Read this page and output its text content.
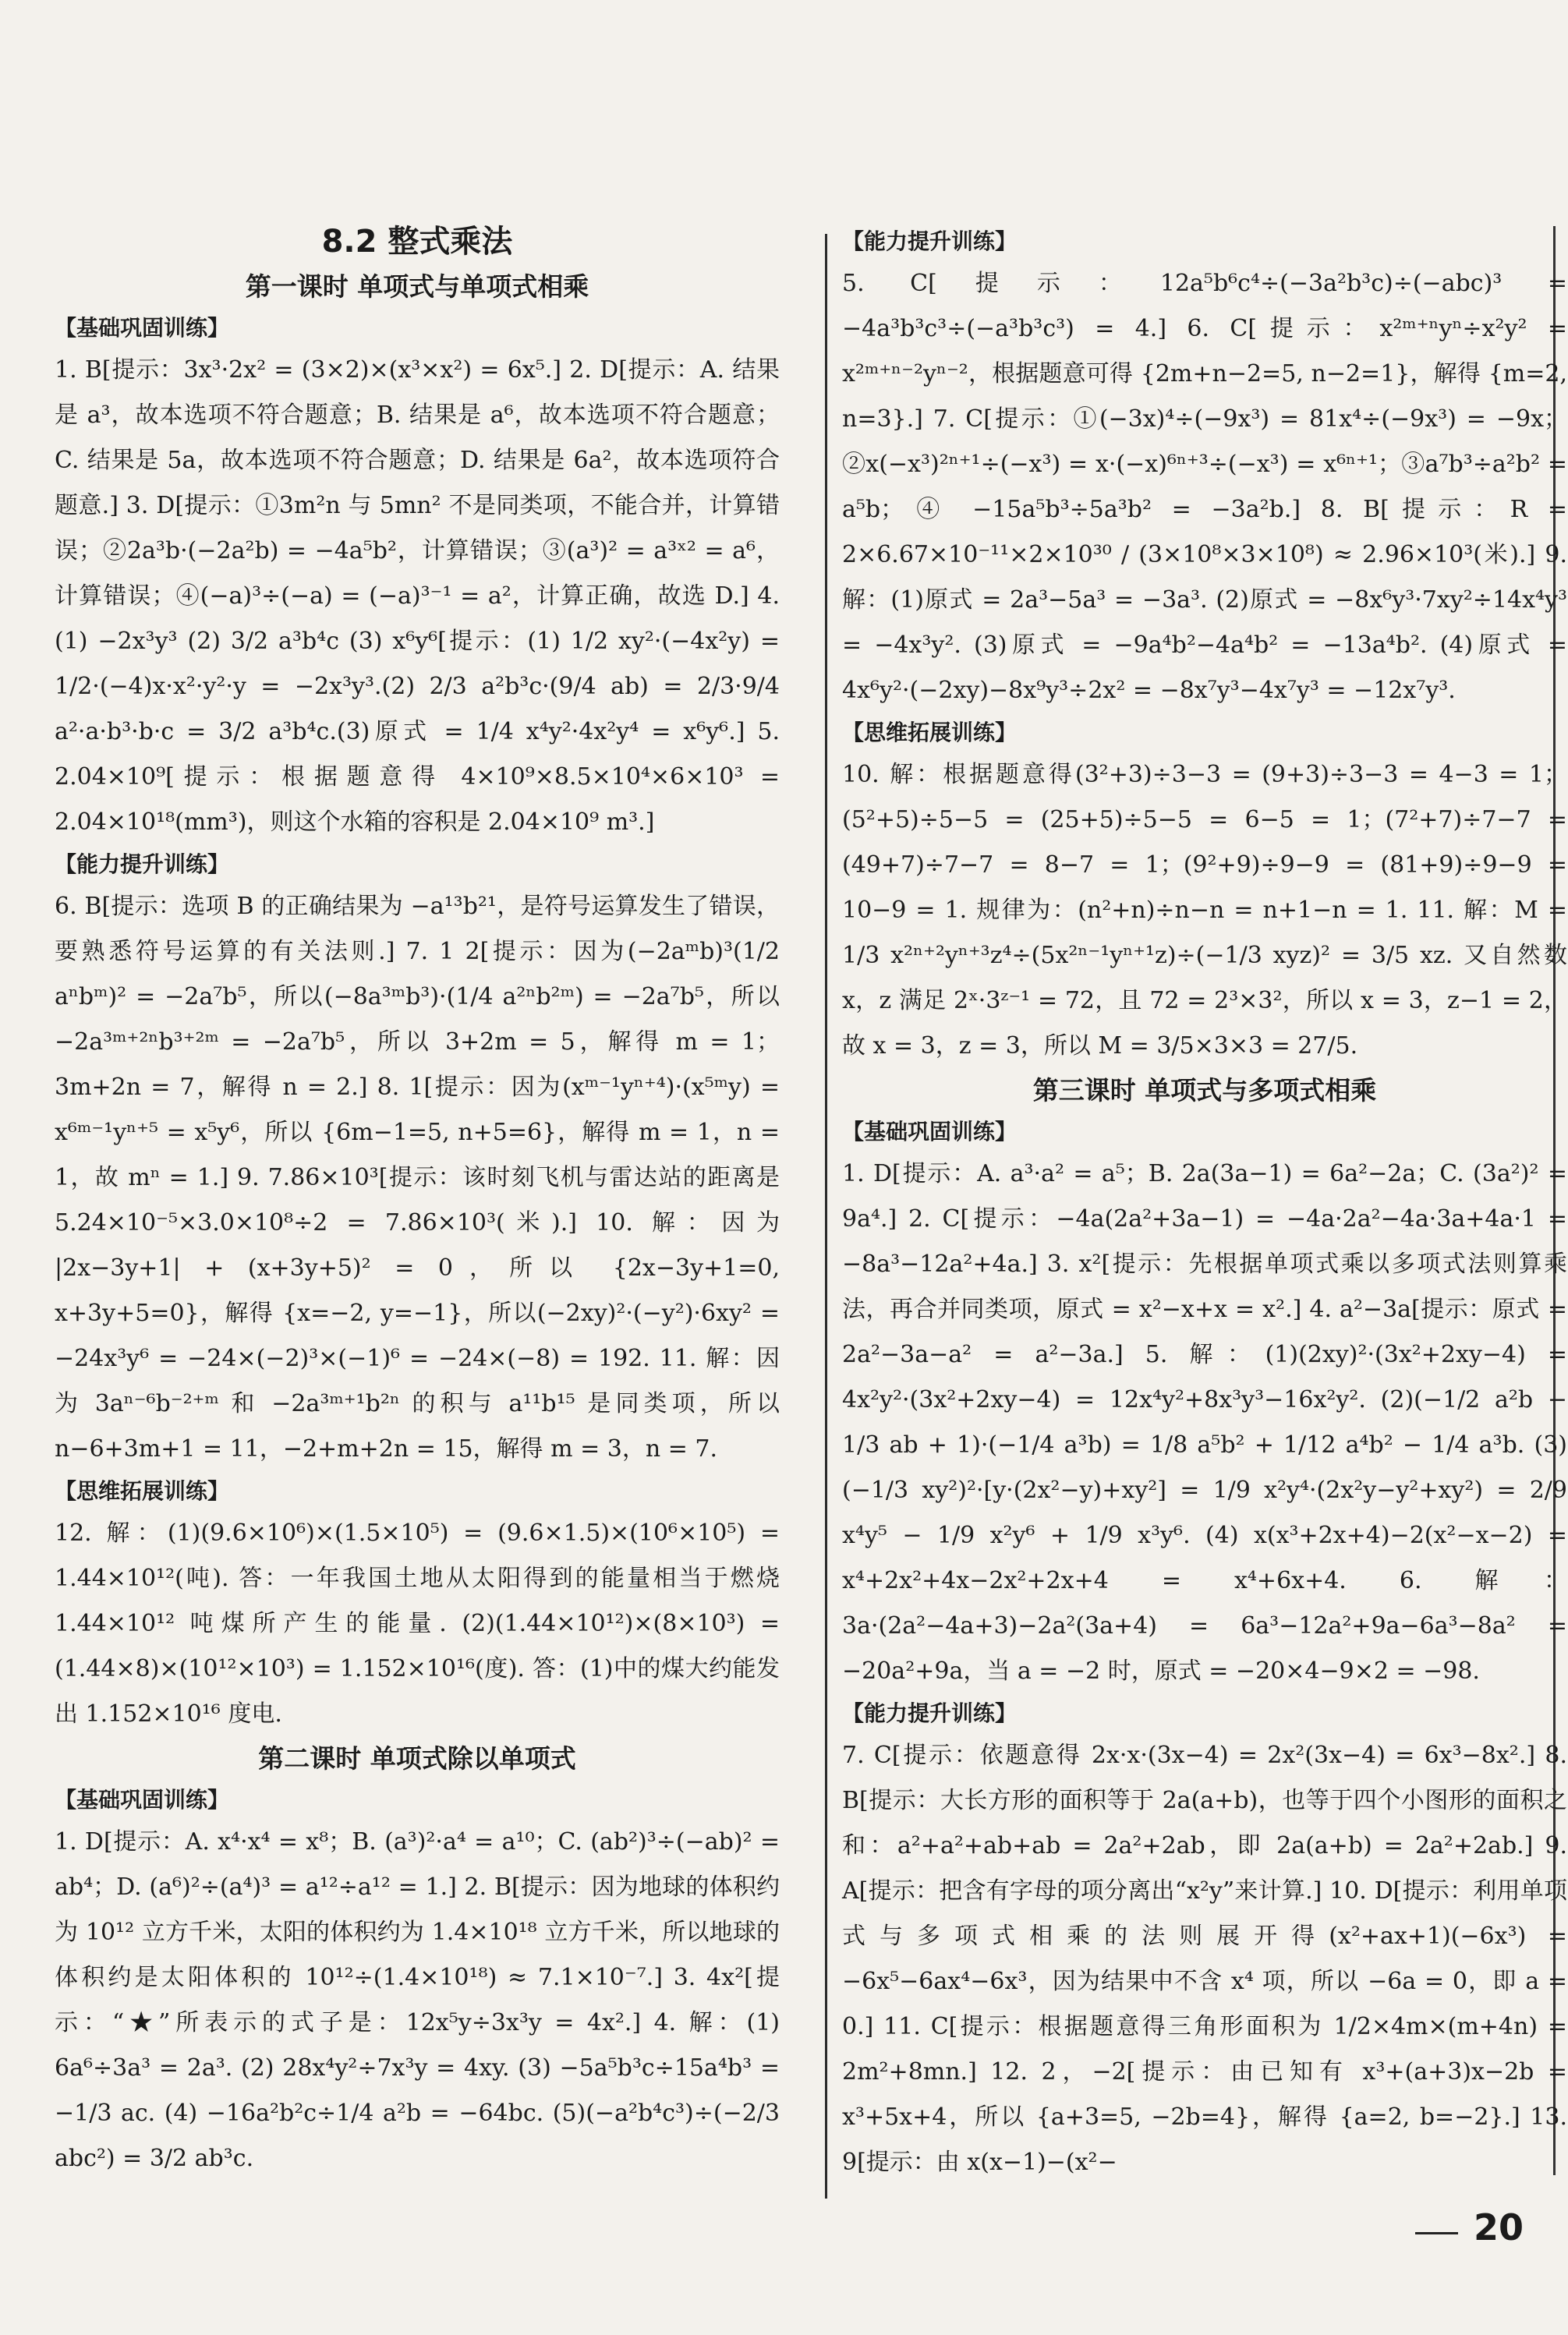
8.2 整式乘法

第一课时 单项式与单项式相乘

【基础巩固训练】

1. B[提示：3x³·2x² = (3×2)×(x³×x²) = 6x⁵.] 2. D[提示：A. 结果是 a³，故本选项不符合题意；B. 结果是 a⁶，故本选项不符合题意；C. 结果是 5a，故本选项不符合题意；D. 结果是 6a²，故本选项符合题意.] 3. D[提示：①3m²n 与 5mn² 不是同类项，不能合并，计算错误；②2a³b·(−2a²b) = −4a⁵b²，计算错误；③(a³)² = a³ˣ² = a⁶，计算错误；④(−a)³÷(−a) = (−a)³⁻¹ = a²，计算正确，故选 D.] 4. (1) −2x³y³ (2) 3/2 a³b⁴c (3) x⁶y⁶[提示：(1) 1/2 xy²·(−4x²y) = 1/2·(−4)x·x²·y²·y = −2x³y³.(2) 2/3 a²b³c·(9/4 ab) = 2/3·9/4 a²·a·b³·b·c = 3/2 a³b⁴c.(3)原式 = 1/4 x⁴y²·4x²y⁴ = x⁶y⁶.] 5. 2.04×10⁹[提示：根据题意得 4×10⁹×8.5×10⁴×6×10³ = 2.04×10¹⁸(mm³)，则这个水箱的容积是 2.04×10⁹ m³.]

【能力提升训练】

6. B[提示：选项 B 的正确结果为 −a¹³b²¹，是符号运算发生了错误，要熟悉符号运算的有关法则.] 7. 1 2[提示：因为(−2aᵐb)³(1/2 aⁿbᵐ)² = −2a⁷b⁵，所以(−8a³ᵐb³)·(1/4 a²ⁿb²ᵐ) = −2a⁷b⁵，所以 −2a³ᵐ⁺²ⁿb³⁺²ᵐ = −2a⁷b⁵，所以 3+2m = 5，解得 m = 1；3m+2n = 7，解得 n = 2.] 8. 1[提示：因为(xᵐ⁻¹yⁿ⁺⁴)·(x⁵ᵐy) = x⁶ᵐ⁻¹yⁿ⁺⁵ = x⁵y⁶，所以 {6m−1=5, n+5=6}，解得 m = 1，n = 1，故 mⁿ = 1.] 9. 7.86×10³[提示：该时刻飞机与雷达站的距离是 5.24×10⁻⁵×3.0×10⁸÷2 = 7.86×10³(米).] 10. 解：因为 |2x−3y+1| + (x+3y+5)² = 0，所以 {2x−3y+1=0, x+3y+5=0}，解得 {x=−2, y=−1}，所以(−2xy)²·(−y²)·6xy² = −24x³y⁶ = −24×(−2)³×(−1)⁶ = −24×(−8) = 192. 11. 解：因为 3aⁿ⁻⁶b⁻²⁺ᵐ 和 −2a³ᵐ⁺¹b²ⁿ 的积与 a¹¹b¹⁵ 是同类项，所以 n−6+3m+1 = 11，−2+m+2n = 15，解得 m = 3，n = 7.

【思维拓展训练】

12. 解：(1)(9.6×10⁶)×(1.5×10⁵) = (9.6×1.5)×(10⁶×10⁵) = 1.44×10¹²(吨). 答：一年我国土地从太阳得到的能量相当于燃烧 1.44×10¹² 吨煤所产生的能量. (2)(1.44×10¹²)×(8×10³) = (1.44×8)×(10¹²×10³) = 1.152×10¹⁶(度). 答：(1)中的煤大约能发出 1.152×10¹⁶ 度电.

第二课时 单项式除以单项式

【基础巩固训练】

1. D[提示：A. x⁴·x⁴ = x⁸；B. (a³)²·a⁴ = a¹⁰；C. (ab²)³÷(−ab)² = ab⁴；D. (a⁶)²÷(a⁴)³ = a¹²÷a¹² = 1.] 2. B[提示：因为地球的体积约为 10¹² 立方千米，太阳的体积约为 1.4×10¹⁸ 立方千米，所以地球的体积约是太阳体积的 10¹²÷(1.4×10¹⁸) ≈ 7.1×10⁻⁷.] 3. 4x²[提示：“★”所表示的式子是：12x⁵y÷3x³y = 4x².] 4. 解：(1) 6a⁶÷3a³ = 2a³. (2) 28x⁴y²÷7x³y = 4xy. (3) −5a⁵b³c÷15a⁴b³ = −1/3 ac. (4) −16a²b²c÷1/4 a²b = −64bc. (5)(−a²b⁴c³)÷(−2/3 abc²) = 3/2 ab³c.

【能力提升训练】

5. C[提示：12a⁵b⁶c⁴÷(−3a²b³c)÷(−abc)³ = −4a³b³c³÷(−a³b³c³) = 4.] 6. C[提示：x²ᵐ⁺ⁿyⁿ÷x²y² = x²ᵐ⁺ⁿ⁻²yⁿ⁻²，根据题意可得 {2m+n−2=5, n−2=1}，解得 {m=2, n=3}.] 7. C[提示：①(−3x)⁴÷(−9x³) = 81x⁴÷(−9x³) = −9x；②x(−x³)²ⁿ⁺¹÷(−x³) = x·(−x)⁶ⁿ⁺³÷(−x³) = x⁶ⁿ⁺¹；③a⁷b³÷a²b² = a⁵b；④ −15a⁵b³÷5a³b² = −3a²b.] 8. B[提示：R = 2×6.67×10⁻¹¹×2×10³⁰ / (3×10⁸×3×10⁸) ≈ 2.96×10³(米).] 9. 解：(1)原式 = 2a³−5a³ = −3a³. (2)原式 = −8x⁶y³·7xy²÷14x⁴y³ = −4x³y². (3)原式 = −9a⁴b²−4a⁴b² = −13a⁴b². (4)原式 = 4x⁶y²·(−2xy)−8x⁹y³÷2x² = −8x⁷y³−4x⁷y³ = −12x⁷y³.

【思维拓展训练】

10. 解：根据题意得(3²+3)÷3−3 = (9+3)÷3−3 = 4−3 = 1；(5²+5)÷5−5 = (25+5)÷5−5 = 6−5 = 1；(7²+7)÷7−7 = (49+7)÷7−7 = 8−7 = 1；(9²+9)÷9−9 = (81+9)÷9−9 = 10−9 = 1. 规律为：(n²+n)÷n−n = n+1−n = 1. 11. 解：M = 1/3 x²ⁿ⁺²yⁿ⁺³z⁴÷(5x²ⁿ⁻¹yⁿ⁺¹z)÷(−1/3 xyz)² = 3/5 xz. 又自然数 x，z 满足 2ˣ·3ᶻ⁻¹ = 72，且 72 = 2³×3²，所以 x = 3，z−1 = 2，故 x = 3，z = 3，所以 M = 3/5×3×3 = 27/5.

第三课时 单项式与多项式相乘

【基础巩固训练】

1. D[提示：A. a³·a² = a⁵；B. 2a(3a−1) = 6a²−2a；C. (3a²)² = 9a⁴.] 2. C[提示：−4a(2a²+3a−1) = −4a·2a²−4a·3a+4a·1 = −8a³−12a²+4a.] 3. x²[提示：先根据单项式乘以多项式法则算乘法，再合并同类项，原式 = x²−x+x = x².] 4. a²−3a[提示：原式 = 2a²−3a−a² = a²−3a.] 5. 解：(1)(2xy)²·(3x²+2xy−4) = 4x²y²·(3x²+2xy−4) = 12x⁴y²+8x³y³−16x²y². (2)(−1/2 a²b − 1/3 ab + 1)·(−1/4 a³b) = 1/8 a⁵b² + 1/12 a⁴b² − 1/4 a³b. (3)(−1/3 xy²)²·[y·(2x²−y)+xy²] = 1/9 x²y⁴·(2x²y−y²+xy²) = 2/9 x⁴y⁵ − 1/9 x²y⁶ + 1/9 x³y⁶. (4) x(x³+2x+4)−2(x²−x−2) = x⁴+2x²+4x−2x²+2x+4 = x⁴+6x+4. 6. 解：3a·(2a²−4a+3)−2a²(3a+4) = 6a³−12a²+9a−6a³−8a² = −20a²+9a，当 a = −2 时，原式 = −20×4−9×2 = −98.

【能力提升训练】

7. C[提示：依题意得 2x·x·(3x−4) = 2x²(3x−4) = 6x³−8x².] 8. B[提示：大长方形的面积等于 2a(a+b)，也等于四个小图形的面积之和：a²+a²+ab+ab = 2a²+2ab，即 2a(a+b) = 2a²+2ab.] 9. A[提示：把含有字母的项分离出“x²y”来计算.] 10. D[提示：利用单项式与多项式相乘的法则展开得(x²+ax+1)(−6x³) = −6x⁵−6ax⁴−6x³，因为结果中不含 x⁴ 项，所以 −6a = 0，即 a = 0.] 11. C[提示：根据题意得三角形面积为 1/2×4m×(m+4n) = 2m²+8mn.] 12. 2，−2[提示：由已知有 x³+(a+3)x−2b = x³+5x+4，所以 {a+3=5, −2b=4}，解得 {a=2, b=−2}.] 13. 9[提示：由 x(x−1)−(x²−

20
